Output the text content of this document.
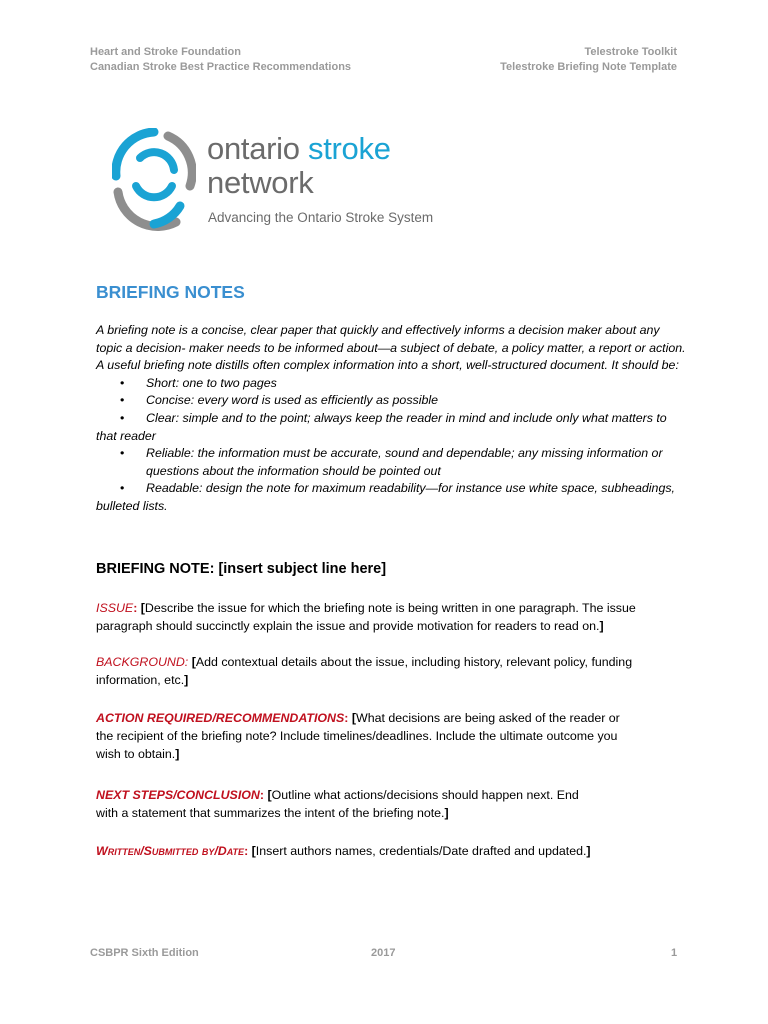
Heart and Stroke Foundation
Canadian Stroke Best Practice Recommendations
Telestroke Toolkit
Telestroke Briefing Note Template
ontario stroke
network
Advancing the Ontario Stroke System
BRIEFING NOTES

A briefing note is a concise, clear paper that quickly and effectively informs a decision maker about any topic a decision- maker needs to be informed about—a subject of debate, a policy matter, a report or action. A useful briefing note distills often complex information into a short, well-structured document. It should be:

• Short: one to two pages
• Concise: every word is used as efficiently as possible
• Clear: simple and to the point; always keep the reader in mind and include only what matters to that reader
• Reliable: the information must be accurate, sound and dependable; any missing information or questions about the information should be pointed out
• Readable: design the note for maximum readability—for instance use white space, subheadings, bulleted lists.
BRIEFING NOTE: [insert subject line here]
ISSUE: [Describe the issue for which the briefing note is being written in one paragraph. The issue paragraph should succinctly explain the issue and provide motivation for readers to read on.]
BACKGROUND: [Add contextual details about the issue, including history, relevant policy, funding information, etc.]
ACTION REQUIRED/RECOMMENDATIONS: [What decisions are being asked of the reader or the recipient of the briefing note? Include timelines/deadlines. Include the ultimate outcome you wish to obtain.]
NEXT STEPS/CONCLUSION: [Outline what actions/decisions should happen next. End with a statement that summarizes the intent of the briefing note.]
Written/Submitted by/Date: [Insert authors names, credentials/Date drafted and updated.]
CSBPR Sixth Edition	2017	1
